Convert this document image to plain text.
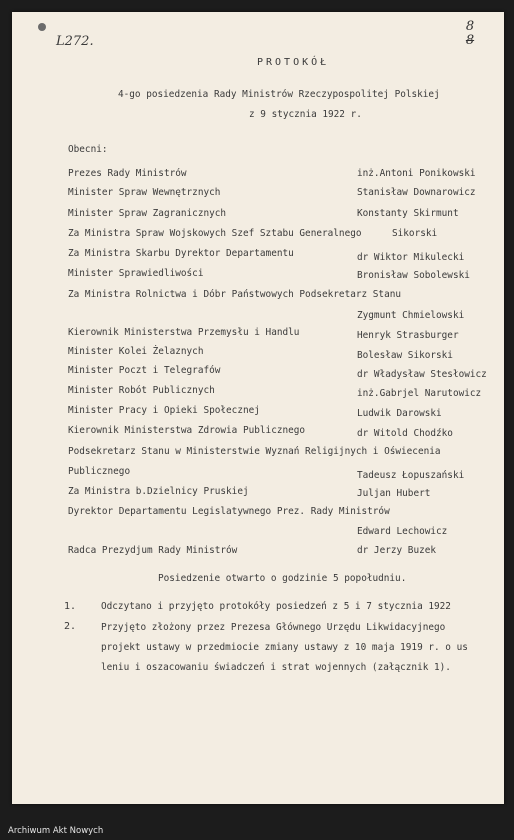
L272.
8
8
PROTOKÓŁ
4-go posiedzenia Rady Ministrów Rzeczypospolitej Polskiej
z 9 stycznia 1922 r.
Obecni:
Prezes Rady Ministrów	inż.Antoni Ponikowski
Minister Spraw Wewnętrznych	Stanisław Downarowicz
Minister Spraw Zagranicznych	Konstanty Skirmunt
Za Ministra Spraw Wojskowych Szef Sztabu Generalnego	Sikorski
Za Ministra Skarbu Dyrektor Departamentu	dr Wiktor Mikulecki
Minister Sprawiedliwości	Bronisław Sobolewski
Za Ministra Rolnictwa i Dóbr Państwowych Podsekretarz Stanu
Zygmunt Chmielowski
Kierownik Ministerstwa Przemysłu i Handlu	Henryk Strasburger
Minister Kolei Żelaznych	Bolesław Sikorski
Minister Poczt i Telegrafów	dr Władysław Stesłowicz
Minister Robót Publicznych	inż.Gabrjel Narutowicz
Minister Pracy i Opieki Społecznej	Ludwik Darowski
Kierownik Ministerstwa Zdrowia Publicznego	dr Witold Chodźko
Podsekretarz Stanu w Ministerstwie Wyznań Religijnych i Oświecenia
Publicznego	Tadeusz Łopuszański
Za Ministra b.Dzielnicy Pruskiej	Juljan Hubert
Dyrektor Departamentu Legislatywnego Prez. Rady Ministrów
Edward Lechowicz
Radca Prezydjum Rady Ministrów	dr Jerzy Buzek
Posiedzenie otwarto o godzinie 5 popołudniu.
1.	Odczytano i przyjęto protokóły posiedzeń z 5 i 7 stycznia 1922
2.	Przyjęto złożony przez Prezesa Głównego Urzędu Likwidacyjnego
projekt ustawy w przedmiocie zmiany ustawy z 10 maja 1919 r. o us
leniu i oszacowaniu świadczeń i strat wojennych (załącznik 1).
Archiwum Akt Nowych
